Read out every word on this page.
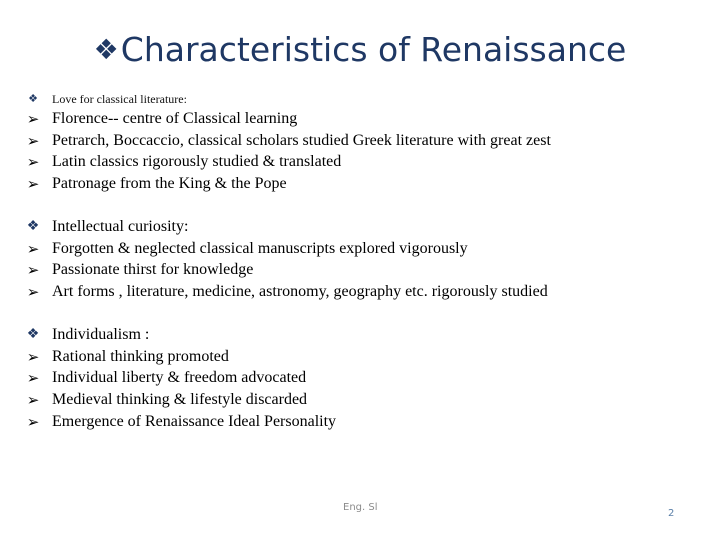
❖Characteristics of Renaissance
❖	Love for classical literature:
➢ Florence-- centre of Classical learning
➢ Petrarch, Boccaccio, classical scholars studied Greek literature with great zest
➢ Latin classics rigorously studied & translated
➢ Patronage from the King & the Pope
❖ Intellectual curiosity:
➢ Forgotten & neglected classical manuscripts explored vigorously
➢ Passionate thirst for knowledge
➢ Art forms , literature, medicine, astronomy, geography etc. rigorously studied
❖ Individualism :
➢ Rational thinking promoted
➢ Individual liberty & freedom advocated
➢ Medieval thinking & lifestyle discarded
➢ Emergence of Renaissance Ideal Personality
Eng. Sl
2
